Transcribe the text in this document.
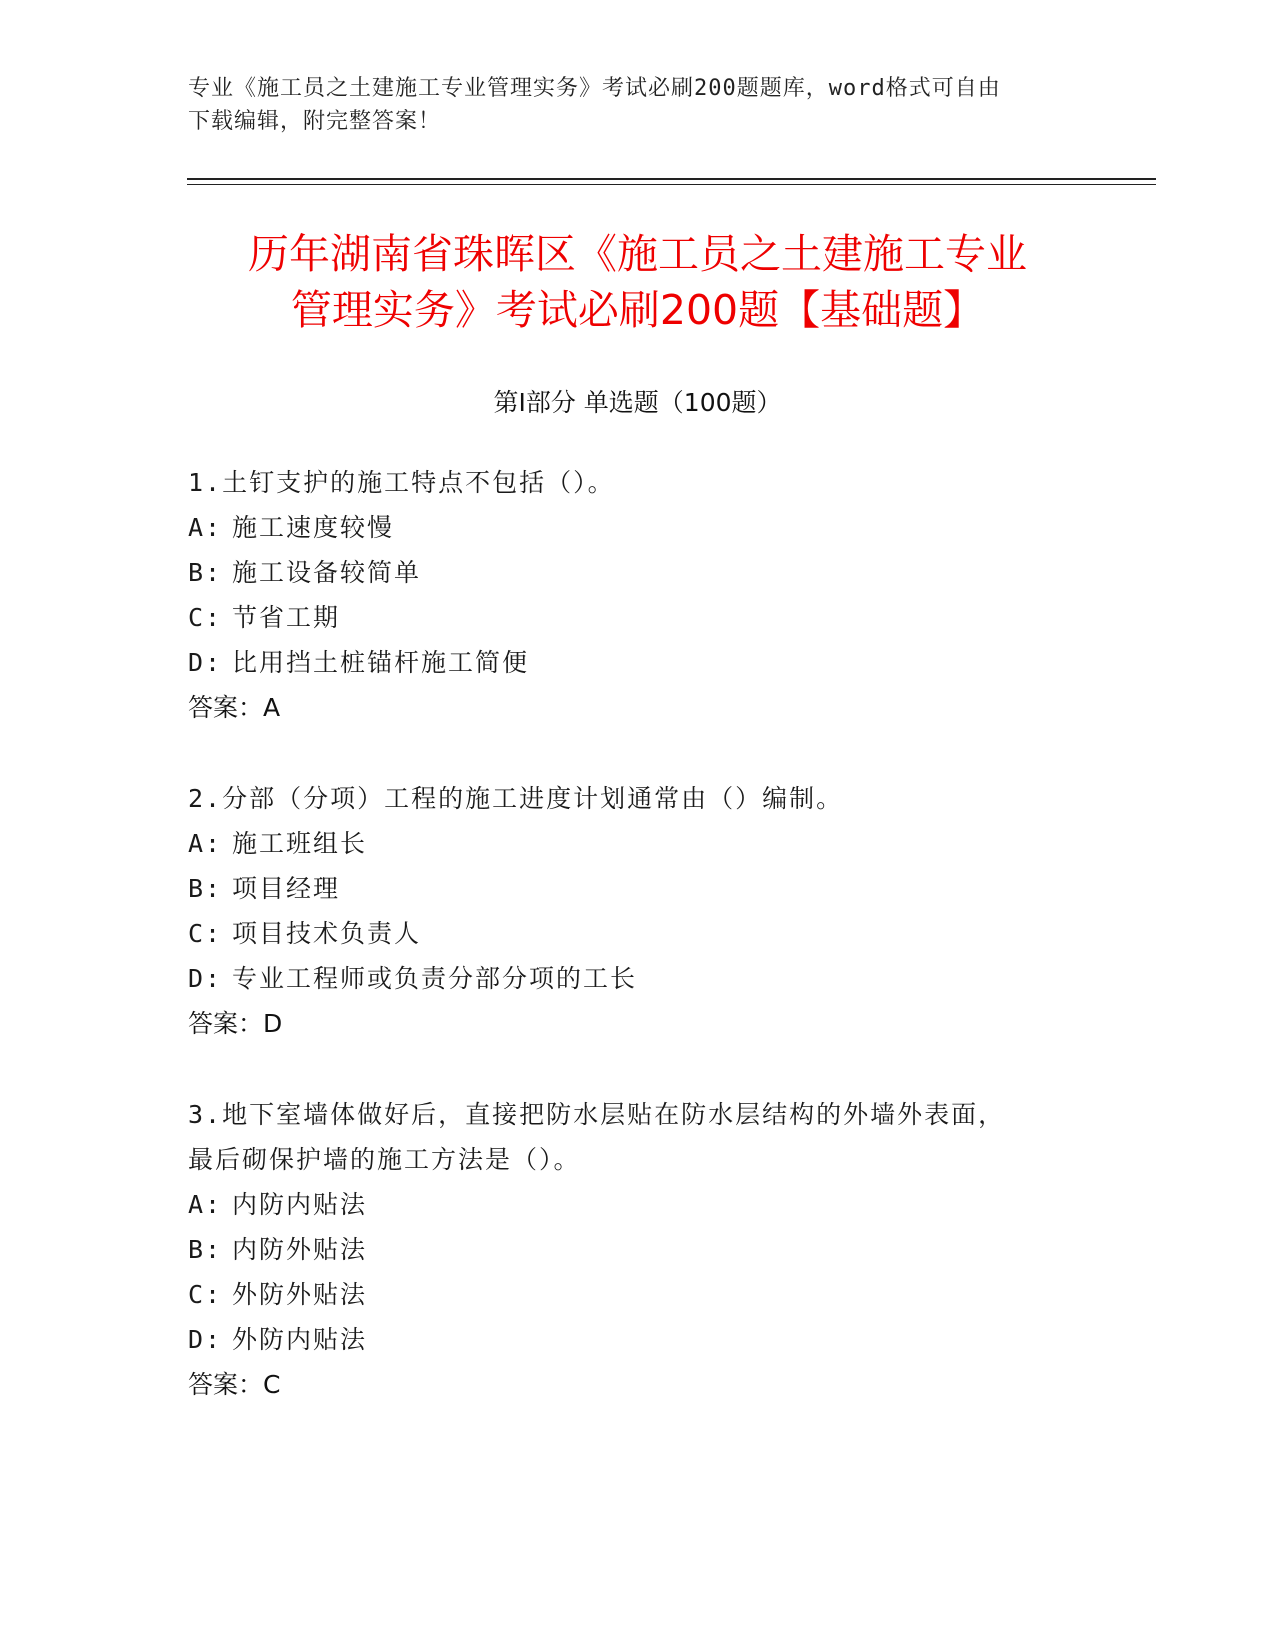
专业《施工员之土建施工专业管理实务》考试必刷200题题库，word格式可自由
下载编辑，附完整答案！
历年湖南省珠晖区《施工员之土建施工专业
管理实务》考试必刷200题【基础题】
第Ⅰ部分 单选题（100题）

1.土钉支护的施工特点不包括（）。

A: 施工速度较慢

B: 施工设备较简单

C: 节省工期

D: 比用挡土桩锚杆施工简便

答案：A

2.分部（分项）工程的施工进度计划通常由（）编制。

A: 施工班组长

B: 项目经理

C: 项目技术负责人

D: 专业工程师或负责分部分项的工长

答案：D

3.地下室墙体做好后，直接把防水层贴在防水层结构的外墙外表面，

最后砌保护墙的施工方法是（）。

A: 内防内贴法

B: 内防外贴法

C: 外防外贴法

D: 外防内贴法

答案：C
